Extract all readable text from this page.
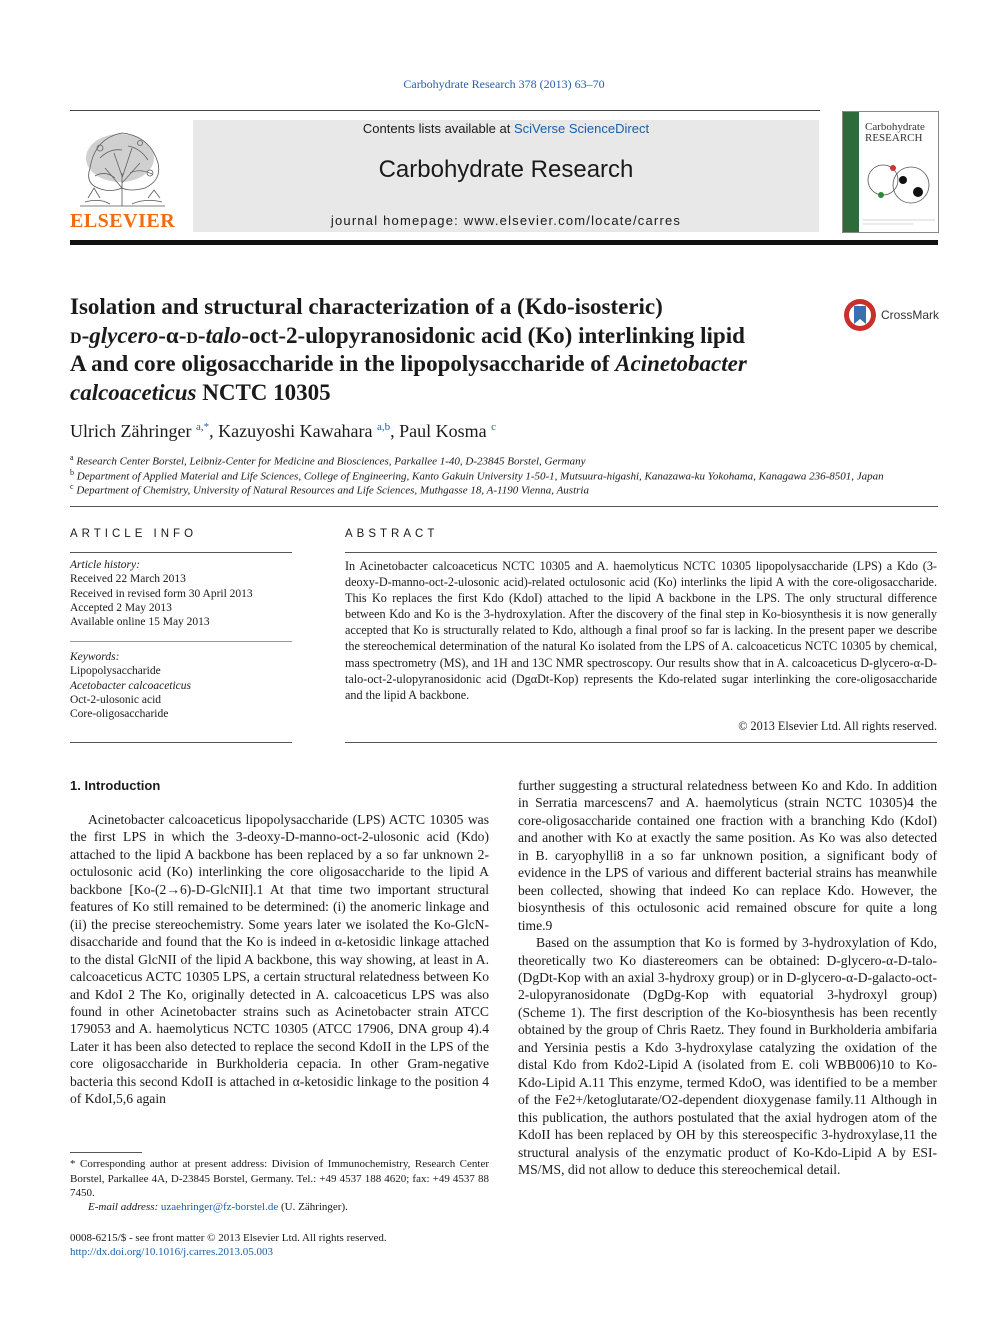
Carbohydrate Research 378 (2013) 63–70
ELSEVIER
Contents lists available at SciVerse ScienceDirect
Carbohydrate Research
journal homepage: www.elsevier.com/locate/carres
Carbohydrate RESEARCH
Isolation and structural characterization of a (Kdo-isosteric)
d-glycero-α-d-talo-oct-2-ulopyranosidonic acid (Ko) interlinking lipid
A and core oligosaccharide in the lipopolysaccharide of Acinetobacter
calcoaceticus NCTC 10305
CrossMark
Ulrich Zähringer $^{a,*}$, Kazuyoshi Kawahara $^{a,b}$, Paul Kosma $^c$
$^a$ Research Center Borstel, Leibniz-Center for Medicine and Biosciences, Parkallee 1-40, D-23845 Borstel, Germany
$^b$ Department of Applied Material and Life Sciences, College of Engineering, Kanto Gakuin University 1-50-1, Mutsuura-higashi, Kanazawa-ku Yokohama, Kanagawa 236-8501, Japan
$^c$ Department of Chemistry, University of Natural Resources and Life Sciences, Muthgasse 18, A-1190 Vienna, Austria
ARTICLE INFO
Article history:
Received 22 March 2013
Received in revised form 30 April 2013
Accepted 2 May 2013
Available online 15 May 2013
Keywords:
Lipopolysaccharide
Acetobacter calcoaceticus
Oct-2-ulosonic acid
Core-oligosaccharide
ABSTRACT
In Acinetobacter calcoaceticus NCTC 10305 and A. haemolyticus NCTC 10305 lipopolysaccharide (LPS) a Kdo (3-deoxy-D-manno-oct-2-ulosonic acid)-related octulosonic acid (Ko) interlinks the lipid A with the core-oligosaccharide. This Ko replaces the first Kdo (KdoI) attached to the lipid A backbone in the LPS. The only structural difference between Kdo and Ko is the 3-hydroxylation. After the discovery of the final step in Ko-biosynthesis it is now generally accepted that Ko is structurally related to Kdo, although a final proof so far is lacking. In the present paper we describe the stereochemical determination of the natural Ko isolated from the LPS of A. calcoaceticus NCTC 10305 by chemical, mass spectrometry (MS), and 1H and 13C NMR spectroscopy. Our results show that in A. calcoaceticus D-glycero-α-D-talo-oct-2-ulopyranosidonic acid (DgαDt-Kop) represents the Kdo-related sugar interlinking the core-oligosaccharide and the lipid A backbone.
© 2013 Elsevier Ltd. All rights reserved.
1. Introduction

Acinetobacter calcoaceticus lipopolysaccharide (LPS) ACTC 10305 was the first LPS in which the 3-deoxy-D-manno-oct-2-ulosonic acid (Kdo) attached to the lipid A backbone has been replaced by a so far unknown 2-octulosonic acid (Ko) interlinking the core oligosaccharide to the lipid A backbone [Ko-(2→6)-D-GlcNII].1 At that time two important structural features of Ko still remained to be determined: (i) the anomeric linkage and (ii) the precise stereochemistry. Some years later we isolated the Ko-GlcN-disaccharide and found that the Ko is indeed in α-ketosidic linkage attached to the distal GlcNII of the lipid A backbone, this way showing, at least in A. calcoaceticus ACTC 10305 LPS, a certain structural relatedness between Ko and KdoI 2 The Ko, originally detected in A. calcoaceticus LPS was also found in other Acinetobacter strains such as Acinetobacter strain ATCC 179053 and A. haemolyticus NCTC 10305 (ATCC 17906, DNA group 4).4 Later it has been also detected to replace the second KdoII in the LPS of the core oligosaccharide in Burkholderia cepacia. In other Gram-negative bacteria this second KdoII is attached in α-ketosidic linkage to the position 4 of KdoI,5,6 again

further suggesting a structural relatedness between Ko and Kdo. In addition in Serratia marcescens7 and A. haemolyticus (strain NCTC 10305)4 the core-oligosaccharide contained one fraction with a branching Kdo (KdoI) and another with Ko at exactly the same position. As Ko was also detected in B. caryophylli8 in a so far unknown position, a significant body of evidence in the LPS of various and different bacterial strains has meanwhile been collected, showing that indeed Ko can replace Kdo. However, the biosynthesis of this octulosonic acid remained obscure for quite a long time.9

Based on the assumption that Ko is formed by 3-hydroxylation of Kdo, theoretically two Ko diastereomers can be obtained: D-glycero-α-D-talo- (DgDt-Kop with an axial 3-hydroxy group) or in D-glycero-α-D-galacto-oct-2-ulopyranosidonate (DgDg-Kop with equatorial 3-hydroxyl group) (Scheme 1). The first description of the Ko-biosynthesis has been recently obtained by the group of Chris Raetz. They found in Burkholderia ambifaria and Yersinia pestis a Kdo 3-hydroxylase catalyzing the oxidation of the distal Kdo from Kdo2-Lipid A (isolated from E. coli WBB006)10 to Ko-Kdo-Lipid A.11 This enzyme, termed KdoO, was identified to be a member of the Fe2+/ketoglutarate/O2-dependent dioxygenase family.11 Although in this publication, the authors postulated that the axial hydrogen atom of the KdoII has been replaced by OH by this stereospecific 3-hydroxylase,11 the structural analysis of the enzymatic product of Ko-Kdo-Lipid A by ESI-MS/MS, did not allow to deduce this stereochemical detail.

* Corresponding author at present address: Division of Immunochemistry, Research Center Borstel, Parkallee 4A, D-23845 Borstel, Germany. Tel.: +49 4537 188 4620; fax: +49 4537 88 7450.
E-mail address: uzaehringer@fz-borstel.de (U. Zähringer).
0008-6215/$ - see front matter © 2013 Elsevier Ltd. All rights reserved.
http://dx.doi.org/10.1016/j.carres.2013.05.003
